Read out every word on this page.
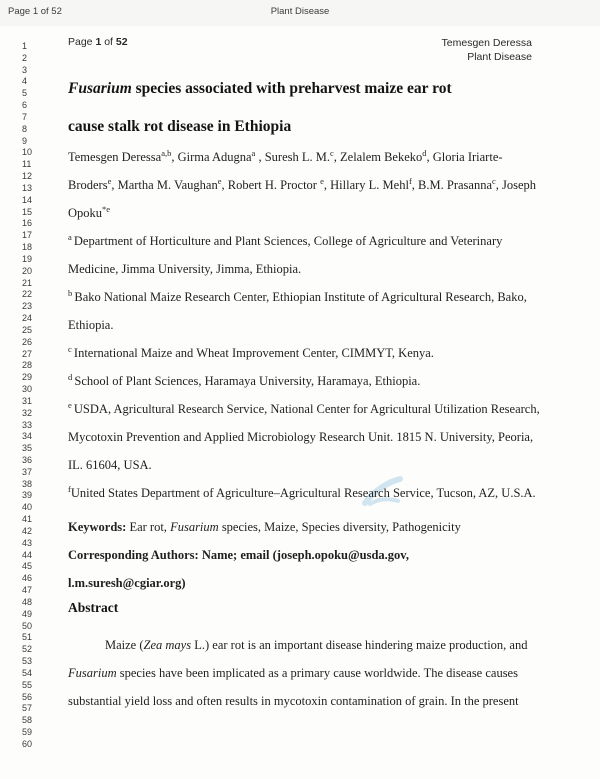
Page 1 of 52	Plant Disease
Page 1 of 52	Temesgen Deressa
Plant Disease
1
2
3
4
5
6
7
8
9
10
11
12
13
14
15
16
17
18
19
20
21
22
23
24
25
26
27
28
29
30
31
32
33
34
35
36
37
38
39
40
41
42
43
44
45
46
47
48
49
50
51
52
53
54
55
56
57
58
59
60
Fusarium species associated with preharvest maize ear rot
cause stalk rot disease in Ethiopia
Temesgen Deressa$^{a,b}$, Girma Adugna$^a$ , Suresh L. M.$^c$, Zelalem Bekeko$^d$, Gloria Iriarte-
Broders$^e$, Martha M. Vaughan$^e$, Robert H. Proctor $^e$, Hillary L. Mehl$^f$, B.M. Prasanna$^c$, Joseph
Opoku$^{*e}$
$^a$ Department of Horticulture and Plant Sciences, College of Agriculture and Veterinary
Medicine, Jimma University, Jimma, Ethiopia.
$^b$ Bako National Maize Research Center, Ethiopian Institute of Agricultural Research, Bako,
Ethiopia.
$^c$ International Maize and Wheat Improvement Center, CIMMYT, Kenya.
$^d$ School of Plant Sciences, Haramaya University, Haramaya, Ethiopia.
$^e$ USDA, Agricultural Research Service, National Center for Agricultural Utilization Research,
Mycotoxin Prevention and Applied Microbiology Research Unit. 1815 N. University, Peoria,
IL. 61604, USA.
$^f$United States Department of Agriculture–Agricultural Research Service, Tucson, AZ, U.S.A.
Keywords: Ear rot, Fusarium species, Maize, Species diversity, Pathogenicity
Corresponding Authors: Name; email (joseph.opoku@usda.gov,
l.m.suresh@cgiar.org)
Abstract
Maize (Zea mays L.) ear rot is an important disease hindering maize production, and
Fusarium species have been implicated as a primary cause worldwide. The disease causes
substantial yield loss and often results in mycotoxin contamination of grain. In the present
